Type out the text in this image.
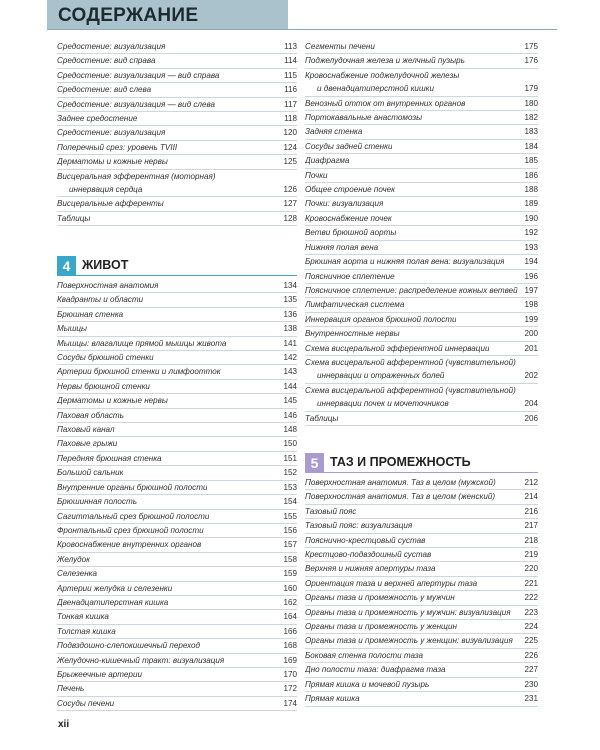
СОДЕРЖАНИЕ
Средостение: визуализация	113
Средостение: вид справа	114
Средостение: визуализация — вид справа	115
Средостение: вид слева	116
Средостение: визуализация — вид слева	117
Заднее средостение	118
Средостение: визуализация	120
Поперечный срез: уровень TVIII	124
Дерматомы и кожные нервы	125
Висцеральная эфферентная (моторная)
иннервация сердца	126
Висцеральные афференты	127
Таблицы	128
4 ЖИВОТ
Поверхностная анатомия	134
Квадранты и области	135
Брюшная стенка	136
Мышцы	138
Мышцы: влагалище прямой мышцы живота	141
Сосуды брюшной стенки	142
Артерии брюшной стенки и лимфоотток	143
Нервы брюшной стенки	144
Дерматомы и кожные нервы	145
Паховая область	146
Паховый канал	148
Паховые грыжи	150
Передняя брюшная стенка	151
Большой сальник	152
Внутренние органы брюшной полости	153
Брюшинная полость	154
Сагиттальный срез брюшной полости	155
Фронтальный срез брюшной полости	156
Кровоснабжение внутренних органов	157
Желудок	158
Селезенка	159
Артерии желудка и селезенки	160
Двенадцатиперстная кишка	162
Тонкая кишка	164
Толстая кишка	166
Подвздошно-слепокишечный переход	168
Желудочно-кишечный тракт: визуализация	169
Брыжеечные артерии	170
Печень	172
Сосуды печени	174
Сегменты печени	175
Поджелудочная железа и желчный пузырь	176
Кровоснабжение поджелудочной железы
и двенадцатиперстной кишки	179
Венозный отток от внутренних органов	180
Портокавальные анастомозы	182
Задняя стенка	183
Сосуды задней стенки	184
Диафрагма	185
Почки	186
Общее строение почек	188
Почки: визуализация	189
Кровоснабжение почек	190
Ветви брюшной аорты	192
Нижняя полая вена	193
Брюшная аорта и нижняя полая вена: визуализация 194
Поясничное сплетение	196
Поясничное сплетение: распределение кожных ветвей 197
Лимфатическая система	198
Иннервация органов брюшной полости	199
Внутренностные нервы	200
Схема висцеральной эфферентной иннервации	201
Схема висцеральной афферентной (чувствительной)
иннервации и отраженных болей	202
Схема висцеральной афферентной (чувствительной)
иннервации почек и мочеточников	204
Таблицы	206
5 ТАЗ И ПРОМЕЖНОСТЬ
Поверхностная анатомия. Таз в целом (мужской)	212
Поверхностная анатомия. Таз в целом (женский)	214
Тазовый пояс	216
Тазовый пояс: визуализация	217
Пояснично-крестцовый сустав	218
Крестцово-подвздошный сустав	219
Верхняя и нижняя апертуры таза	220
Ориентация таза и верхней апертуры таза	221
Органы таза и промежность у мужчин	222
Органы таза и промежность у мужчин: визуализация 223
Органы таза и промежность у женщин	224
Органы таза и промежность у женщин: визуализация 225
Боковая стенка полости таза	226
Дно полости таза: диафрагма таза	227
Прямая кишка и мочевой пузырь	230
Прямая кишка	231
xii
